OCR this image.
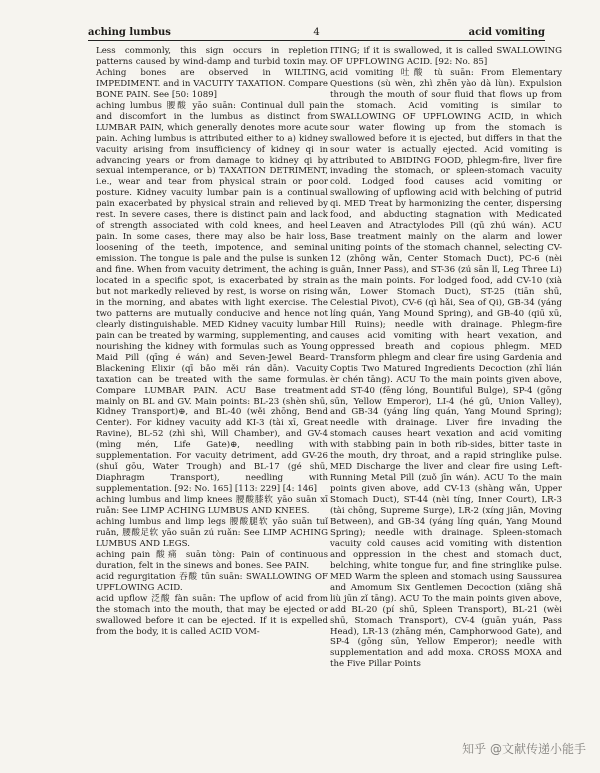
aching lumbus	4	acid vomiting

Less commonly, this sign occurs in repletion patterns caused by wind-damp and turbid toxin may. Aching bones are observed in WILTING, IMPEDIMENT. and in VACUITY TAXATION. Compare BONE PAIN. See [50: 1089]

aching lumbus 腰酸 yāo suān: Continual dull pain and discomfort in the lumbus as distinct from LUMBAR PAIN, which generally denotes more acute pain. Aching lumbus is attributed either to a) kidney vacuity arising from insufficiency of kidney qi in advancing years or from damage to kidney qi by sexual intemperance, or b) TAXATION DETRIMENT, i.e., wear and tear from physical strain or poor posture. Kidney vacuity lumbar pain is a continual pain exacerbated by physical strain and relieved by rest. In severe cases, there is distinct pain and lack of strength associated with cold knees, and heel pain. In some cases, there may also be hair loss, loosening of the teeth, impotence, and seminal emission. The tongue is pale and the pulse is sunken and fine. When from vacuity detriment, the aching is located in a specific spot, is exacerbated by strain but not markedly relieved by rest, is worse on rising in the morning, and abates with light exercise. The two patterns are mutually conducive and hence not clearly distinguishable. MED Kidney vacuity lumbar pain can be treated by warming, supplementing, and nourishing the kidney with formulas such as Young Maid Pill (qīng é wán) and Seven-Jewel Beard-Blackening Elixir (qī bǎo měi rán dān). Vacuity taxation can be treated with the same formulas. Compare LUMBAR PAIN. ACU Base treatment mainly on BL and GV. Main points: BL-23 (shèn shū, Kidney Transport)⊕, and BL-40 (wěi zhōng, Bend Center). For kidney vacuity add KI-3 (tài xī, Great Ravine), BL-52 (zhì shì, Will Chamber), and GV-4 (mìng mén, Life Gate)⊕, needling with supplementation. For vacuity detriment, add GV-26 (shuǐ gōu, Water Trough) and BL-17 (gé shū, Diaphragm Transport), needling with supplementation. [92: No. 165] [113: 229] [4: 146]

aching lumbus and limp knees 腰酸膝软 yāo suān xī ruǎn: See LIMP ACHING LUMBUS AND KNEES.

aching lumbus and limp legs 腰酸腿软 yāo suān tuǐ ruǎn, 腰酸足软 yāo suān zú ruǎn: See LIMP ACHING LUMBUS AND LEGS.

aching pain 酸痛 suān tòng: Pain of continuous duration, felt in the sinews and bones. See PAIN.

acid regurgitation 吞酸 tūn suān: SWALLOWING OF UPFLOWING ACID.

acid upflow 泛酸 fàn suān: The upflow of acid from the stomach into the mouth, that may be ejected or swallowed before it can be ejected. If it is expelled from the body, it is called ACID VOM-

ITING; if it is swallowed, it is called SWALLOWING OF UPFLOWING ACID. [92: No. 85]

acid vomiting 吐酸 tù suān: From Elementary Questions (sù wèn, zhì zhēn yào dà lùn). Expulsion through the mouth of sour fluid that flows up from the stomach. Acid vomiting is similar to SWALLOWING OF UPFLOWING ACID, in which sour water flowing up from the stomach is swallowed before it is ejected, but differs in that the sour water is actually ejected. Acid vomiting is attributed to ABIDING FOOD, phlegm-fire, liver fire invading the stomach, or spleen-stomach vacuity cold. Lodged food causes acid vomiting or swallowing of upflowing acid with belching of putrid qi. MED Treat by harmonizing the center, dispersing food, and abducting stagnation with Medicated Leaven and Atractylodes Pill (qū zhú wán). ACU Base treatment mainly on the alarm and lower uniting points of the stomach channel, selecting CV-12 (zhōng wǎn, Center Stomach Duct), PC-6 (nèi guān, Inner Pass), and ST-36 (zú sān lǐ, Leg Three Li) as the main points. For lodged food, add CV-10 (xià wǎn, Lower Stomach Duct), ST-25 (tiān shū, Celestial Pivot), CV-6 (qì hǎi, Sea of Qi), GB-34 (yáng líng quán, Yang Mound Spring), and GB-40 (qiū xū, Hill Ruins); needle with drainage. Phlegm-fire causes acid vomiting with heart vexation, and oppressed breath and copious phlegm. MED Transform phlegm and clear fire using Gardenia and Coptis Two Matured Ingredients Decoction (zhī lián èr chén tāng). ACU To the main points given above, add ST-40 (fēng lóng, Bountiful Bulge), SP-4 (gōng sūn, Yellow Emperor), LI-4 (hé gǔ, Union Valley), and GB-34 (yáng líng quán, Yang Mound Spring); needle with drainage. Liver fire invading the stomach causes heart vexation and acid vomiting with stabbing pain in both rib-sides, bitter taste in the mouth, dry throat, and a rapid stringlike pulse. MED Discharge the liver and clear fire using Left-Running Metal Pill (zuǒ jīn wán). ACU To the main points given above, add CV-13 (shàng wǎn, Upper Stomach Duct), ST-44 (nèi tíng, Inner Court), LR-3 (tài chōng, Supreme Surge), LR-2 (xíng jiān, Moving Between), and GB-34 (yáng líng quán, Yang Mound Spring); needle with drainage. Spleen-stomach vacuity cold causes acid vomiting with distention and oppression in the chest and stomach duct, belching, white tongue fur, and fine stringlike pulse. MED Warm the spleen and stomach using Saussurea and Amomum Six Gentlemen Decoction (xiāng shā liù jūn zǐ tāng). ACU To the main points given above, add BL-20 (pí shū, Spleen Transport), BL-21 (wèi shū, Stomach Transport), CV-4 (guān yuán, Pass Head), LR-13 (zhāng mén, Camphorwood Gate), and SP-4 (gōng sūn, Yellow Emperor); needle with supplementation and add moxa. CROSS MOXA and the Five Pillar Points

知乎 @文献传递小能手
